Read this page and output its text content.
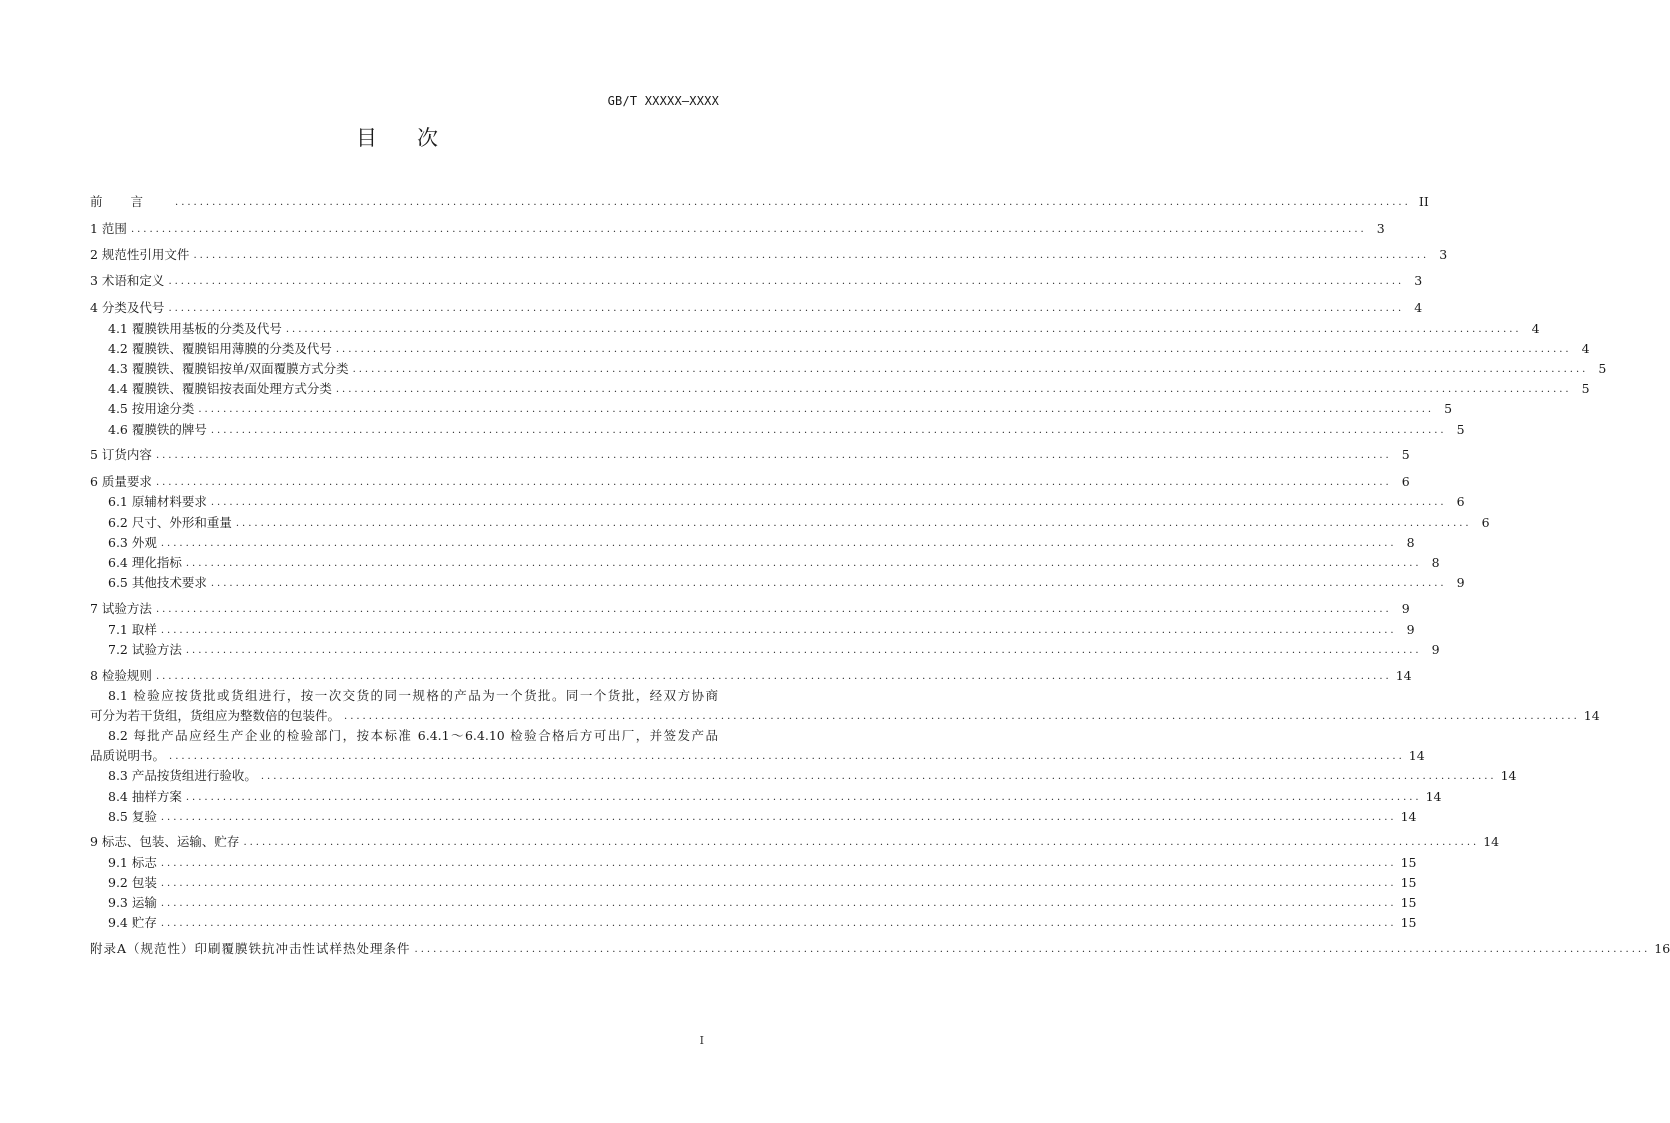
GB/T XXXXX—XXXX
目次
前言 ........................................................................................................................................................................................................ II
1 范围 ........................................................................................................................................................................................................ 3
2 规范性引用文件 ........................................................................................................................................................................................................ 3
3 术语和定义 ........................................................................................................................................................................................................ 3
4 分类及代号 ........................................................................................................................................................................................................ 4
4.1 覆膜铁用基板的分类及代号 ........................................................................................................................................................................................................ 4
4.2 覆膜铁、覆膜铝用薄膜的分类及代号 ........................................................................................................................................................................................................ 4
4.3 覆膜铁、覆膜铝按单/双面覆膜方式分类 ........................................................................................................................................................................................................ 5
4.4 覆膜铁、覆膜铝按表面处理方式分类 ........................................................................................................................................................................................................ 5
4.5 按用途分类 ........................................................................................................................................................................................................ 5
4.6 覆膜铁的牌号 ........................................................................................................................................................................................................ 5
5 订货内容 ........................................................................................................................................................................................................ 5
6 质量要求 ........................................................................................................................................................................................................ 6
6.1 原辅材料要求 ........................................................................................................................................................................................................ 6
6.2 尺寸、外形和重量 ........................................................................................................................................................................................................ 6
6.3 外观 ........................................................................................................................................................................................................ 8
6.4 理化指标 ........................................................................................................................................................................................................ 8
6.5 其他技术要求 ........................................................................................................................................................................................................ 9
7 试验方法 ........................................................................................................................................................................................................ 9
7.1 取样 ........................................................................................................................................................................................................ 9
7.2 试验方法 ........................................................................................................................................................................................................ 9
8 检验规则 ........................................................................................................................................................................................................ 14
8.1 检验应按货批或货组进行，按一次交货的同一规格的产品为一个货批。同一个货批，经双方协商
可分为若干货组，货组应为整数倍的包装件。 ........................................................................................................................................................................................................ 14
8.2 每批产品应经生产企业的检验部门，按本标准 6.4.1～6.4.10 检验合格后方可出厂，并签发产品
品质说明书。 ........................................................................................................................................................................................................ 14
8.3 产品按货组进行验收。 ........................................................................................................................................................................................................ 14
8.4 抽样方案 ........................................................................................................................................................................................................ 14
8.5 复验 ........................................................................................................................................................................................................ 14
9 标志、包装、运输、贮存 ........................................................................................................................................................................................................ 14
9.1 标志 ........................................................................................................................................................................................................ 15
9.2 包装 ........................................................................................................................................................................................................ 15
9.3 运输 ........................................................................................................................................................................................................ 15
9.4 贮存 ........................................................................................................................................................................................................ 15
附录A（规范性）印刷覆膜铁抗冲击性试样热处理条件 ........................................................................................................................................................................................................ 16
I
